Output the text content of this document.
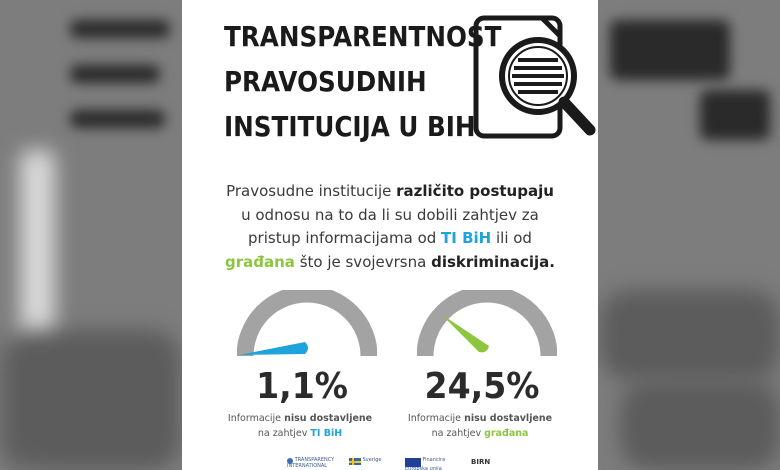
TRANSPARENTNOST
PRAVOSUDNIH
INSTITUCIJA U BIH
Pravosudne institucije različito postupaju u odnosu na to da li su dobili zahtjev za pristup informacijama od TI BiH ili od građana što je svojevrsna diskriminacija.
1,1%	24,5%
Informacije nisu dostavljene
na zahtjev TI BiH
Informacije nisu dostavljene
na zahtjev građana
TRANSPARENCY INTERNATIONAL
Sverige	Financira Europska unija
BIRN
